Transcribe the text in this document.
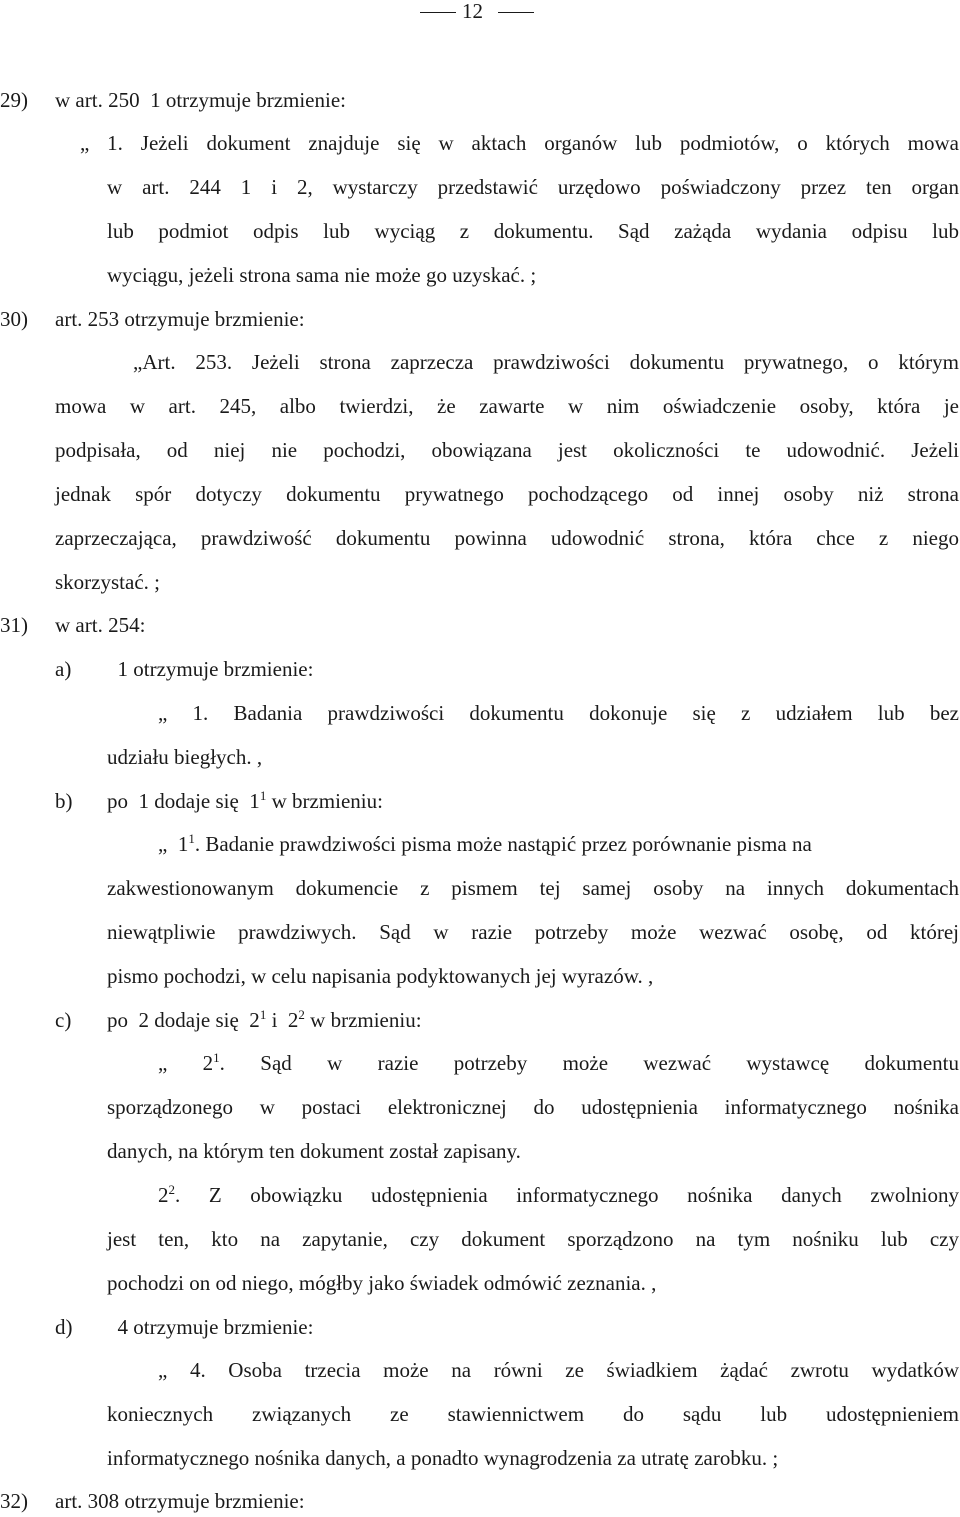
12
29) w art. 250  1 otrzymuje brzmienie:
„ 1. Jeżeli dokument znajduje się w aktach organów lub podmiotów, o których mowa
w art. 244 1 i 2, wystarczy przedstawić urzędowo poświadczony przez ten organ
lub podmiot odpis lub wyciąg z dokumentu. Sąd zażąda wydania odpisu lub
wyciągu, jeżeli strona sama nie może go uzyskać. ;
30) art. 253 otrzymuje brzmienie:
„Art. 253. Jeżeli strona zaprzecza prawdziwości dokumentu prywatnego, o którym
mowa w art. 245, albo twierdzi, że zawarte w nim oświadczenie osoby, która je
podpisała, od niej nie pochodzi, obowiązana jest okoliczności te udowodnić. Jeżeli
jednak spór dotyczy dokumentu prywatnego pochodzącego od innej osoby niż strona
zaprzeczająca, prawdziwość dokumentu powinna udowodnić strona, która chce z niego
skorzystać. ;
31) w art. 254:
a) 1 otrzymuje brzmienie:
„ 1. Badania prawdziwości dokumentu dokonuje się z udziałem lub bez
udziału biegłych. ,
b) po  1 dodaje się  $1^1$ w brzmieniu:
„  $1^1$. Badanie prawdziwości pisma może nastąpić przez porównanie pisma na
zakwestionowanym dokumencie z pismem tej samej osoby na innych dokumentach
niewątpliwie prawdziwych. Sąd w razie potrzeby może wezwać osobę, od której
pismo pochodzi, w celu napisania podyktowanych jej wyrazów. ,
c) po  2 dodaje się  $2^1$ i  $2^2$ w brzmieniu:
„ $2^1$. Sąd w razie potrzeby może wezwać wystawcę dokumentu
sporządzonego w postaci elektronicznej do udostępnienia informatycznego nośnika
danych, na którym ten dokument został zapisany.
$2^2$. Z obowiązku udostępnienia informatycznego nośnika danych zwolniony
jest ten, kto na zapytanie, czy dokument sporządzono na tym nośniku lub czy
pochodzi on od niego, mógłby jako świadek odmówić zeznania. ,
d) 4 otrzymuje brzmienie:
„ 4. Osoba trzecia może na równi ze świadkiem żądać zwrotu wydatków
koniecznych związanych ze stawiennictwem do sądu lub udostępnieniem
informatycznego nośnika danych, a ponadto wynagrodzenia za utratę zarobku. ;
32) art. 308 otrzymuje brzmienie:
